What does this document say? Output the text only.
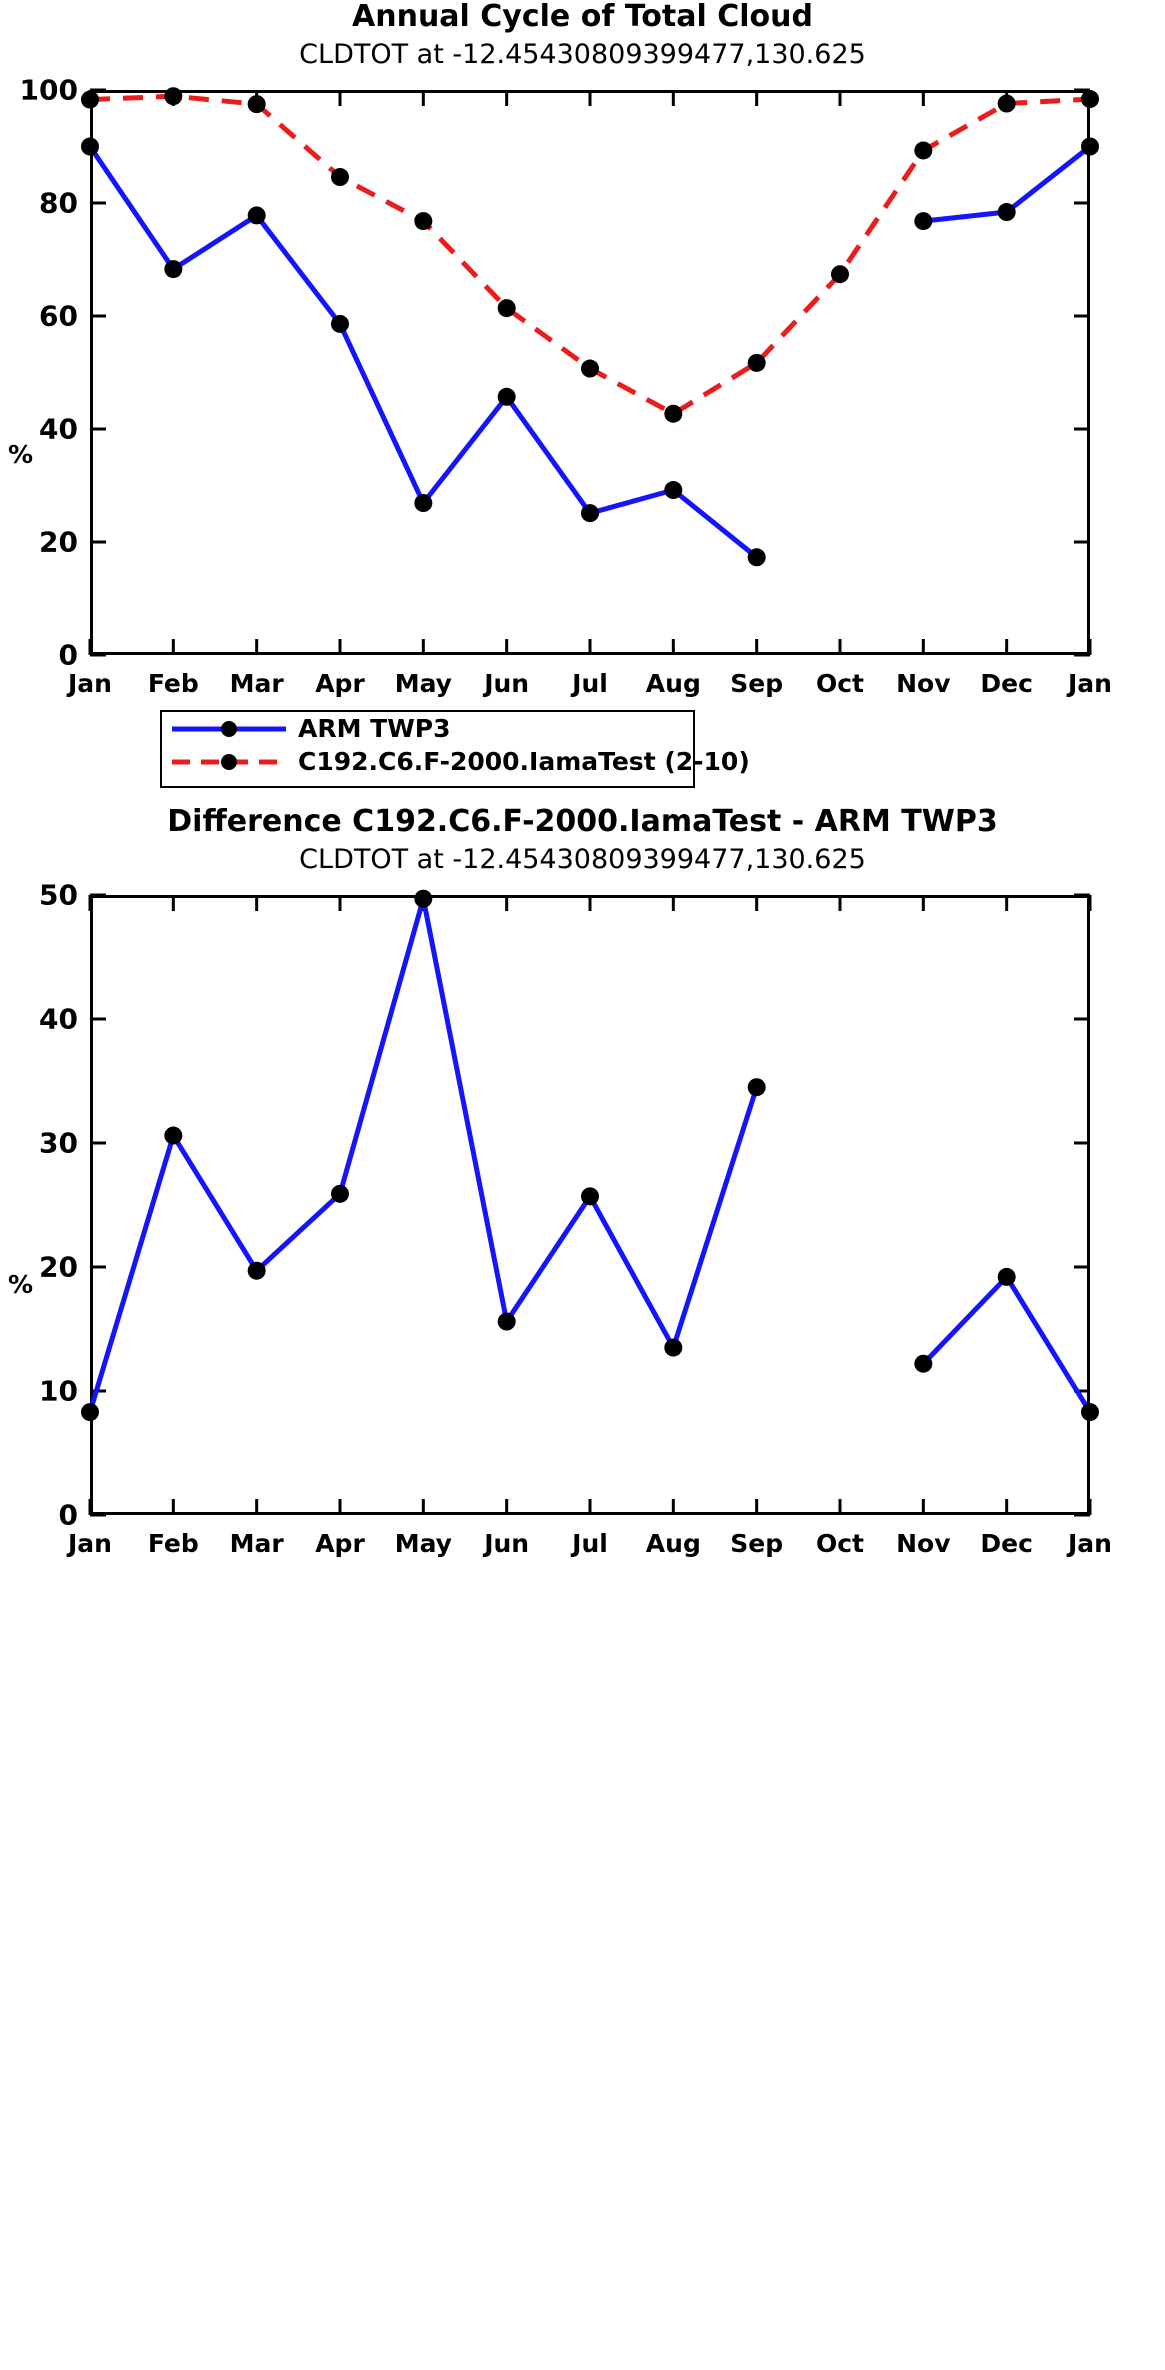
Annual Cycle of Total Cloud
CLDTOT at -12.45430809399477,130.625
%
0
20
40
60
80
100
Jan Feb Mar Apr May Jun Jul Aug Sep Oct Nov Dec Jan
ARM TWP3
C192.C6.F-2000.IamaTest (2-10)
Difference C192.C6.F-2000.IamaTest - ARM TWP3
CLDTOT at -12.45430809399477,130.625
%
0
10
20
30
40
50
Jan Feb Mar Apr May Jun Jul Aug Sep Oct Nov Dec Jan
